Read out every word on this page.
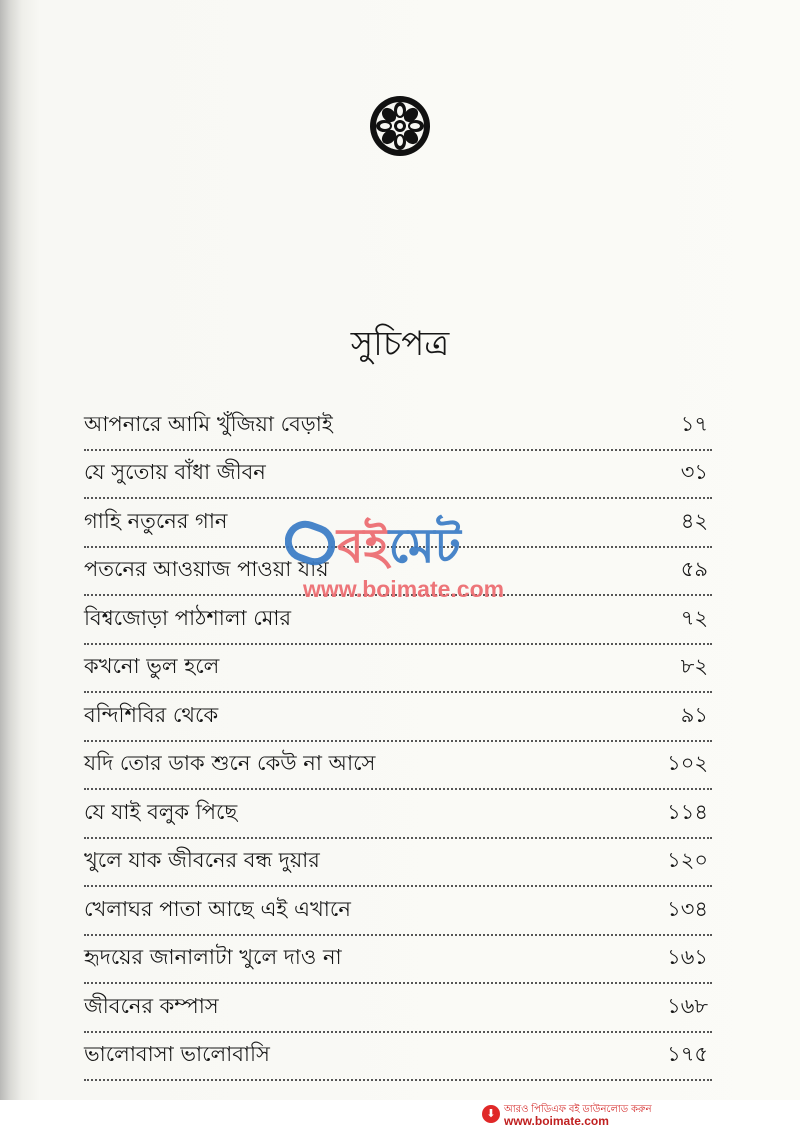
সুচিপত্র
আপনারে আমি খুঁজিয়া বেড়াই	১৭
যে সুতোয় বাঁধা জীবন	৩১
গাহি নতুনের গান	৪২
পতনের আওয়াজ পাওয়া যায়	৫৯
বিশ্বজোড়া পাঠশালা মোর	৭২
কখনো ভুল হলে	৮২
বন্দিশিবির থেকে	৯১
যদি তোর ডাক শুনে কেউ না আসে	১০২
যে যাই বলুক পিছে	১১৪
খুলে যাক জীবনের বন্ধ দুয়ার	১২০
খেলাঘর পাতা আছে এই এখানে	১৩৪
হৃদয়ের জানালাটা খুলে দাও না	১৬১
জীবনের কম্পাস	১৬৮
ভালোবাসা ভালোবাসি	১৭৫
বইমেট
www.boimate.com
⬇ আরও পিডিএফ বই ডাউনলোড করুন
www.boimate.com
